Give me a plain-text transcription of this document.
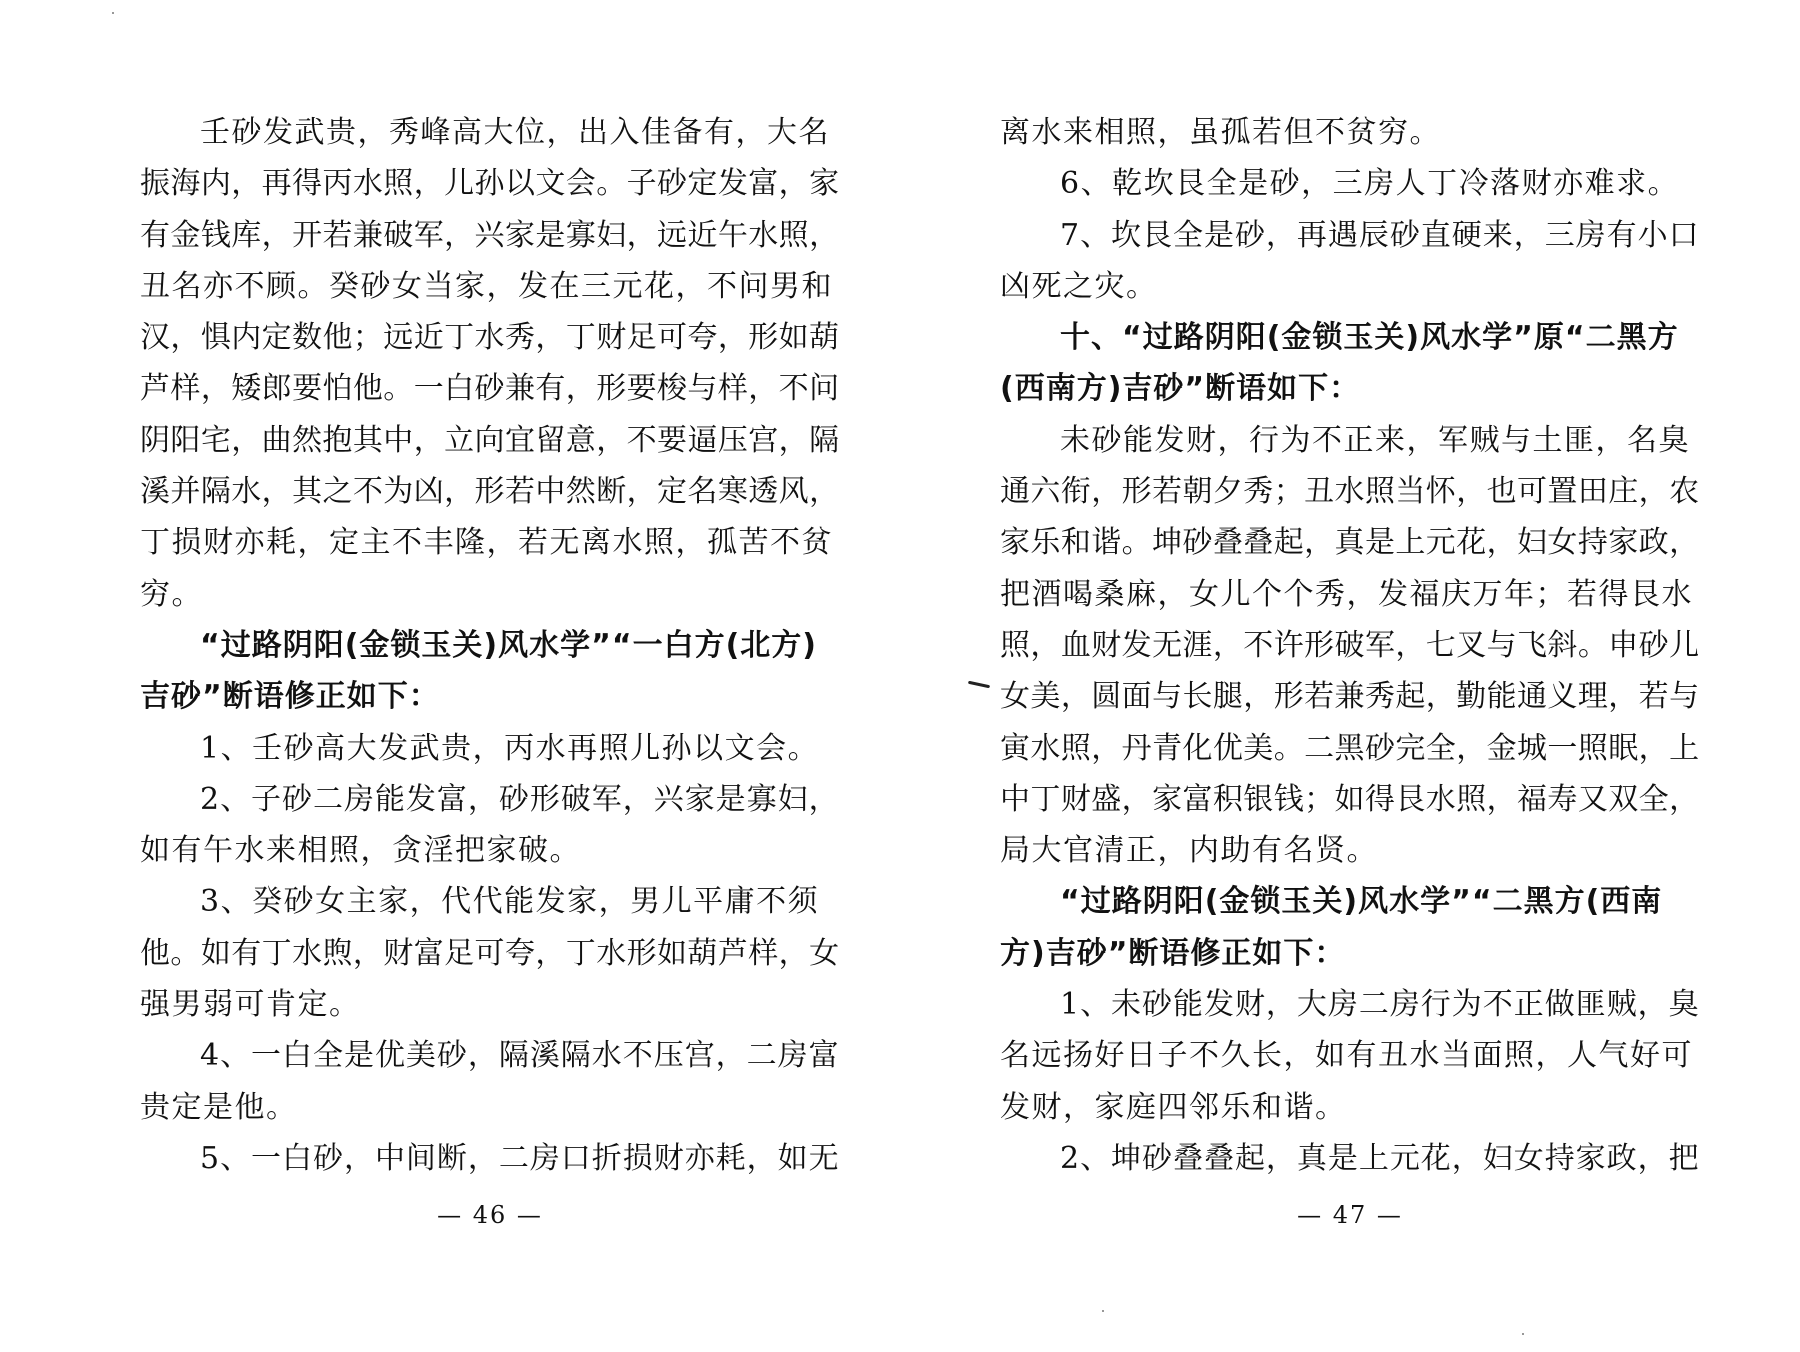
壬砂发武贵，秀峰高大位，出入佳备有，大名
振海内，再得丙水照，儿孙以文会。子砂定发富，家
有金钱库，开若兼破军，兴家是寡妇，远近午水照，
丑名亦不顾。癸砂女当家，发在三元花，不问男和
汉，惧内定数他；远近丁水秀，丁财足可夸，形如葫
芦样，矮郎要怕他。一白砂兼有，形要梭与样，不问
阴阳宅，曲然抱其中，立向宜留意，不要逼压宫，隔
溪并隔水，其之不为凶，形若中然断，定名寒透风，
丁损财亦耗，定主不丰隆，若无离水照，孤苦不贫
穷。
“过路阴阳(金锁玉关)风水学”“一白方(北方)
吉砂”断语修正如下：
1、壬砂高大发武贵，丙水再照儿孙以文会。
2、子砂二房能发富，砂形破军，兴家是寡妇，
如有午水来相照，贪淫把家破。
3、癸砂女主家，代代能发家，男儿平庸不须
他。如有丁水煦，财富足可夸，丁水形如葫芦样，女
强男弱可肯定。
4、一白全是优美砂，隔溪隔水不压宫，二房富
贵定是他。
5、一白砂，中间断，二房口折损财亦耗，如无
— 46 —
离水来相照，虽孤若但不贫穷。
6、乾坎艮全是砂，三房人丁冷落财亦难求。
7、坎艮全是砂，再遇辰砂直硬来，三房有小口
凶死之灾。
十、“过路阴阳(金锁玉关)风水学”原“二黑方
(西南方)吉砂”断语如下：
未砂能发财，行为不正来，军贼与土匪，名臭
通六衔，形若朝夕秀；丑水照当怀，也可置田庄，农
家乐和谐。坤砂叠叠起，真是上元花，妇女持家政，
把酒喝桑麻，女儿个个秀，发福庆万年；若得艮水
照，血财发无涯，不许形破军，七叉与飞斜。申砂儿
女美，圆面与长腿，形若兼秀起，勤能通义理，若与
寅水照，丹青化优美。二黑砂完全，金城一照眠，上
中丁财盛，家富积银钱；如得艮水照，福寿又双全，
局大官清正，内助有名贤。
“过路阴阳(金锁玉关)风水学”“二黑方(西南
方)吉砂”断语修正如下：
1、未砂能发财，大房二房行为不正做匪贼，臭
名远扬好日子不久长，如有丑水当面照，人气好可
发财，家庭四邻乐和谐。
2、坤砂叠叠起，真是上元花，妇女持家政，把
— 47 —
